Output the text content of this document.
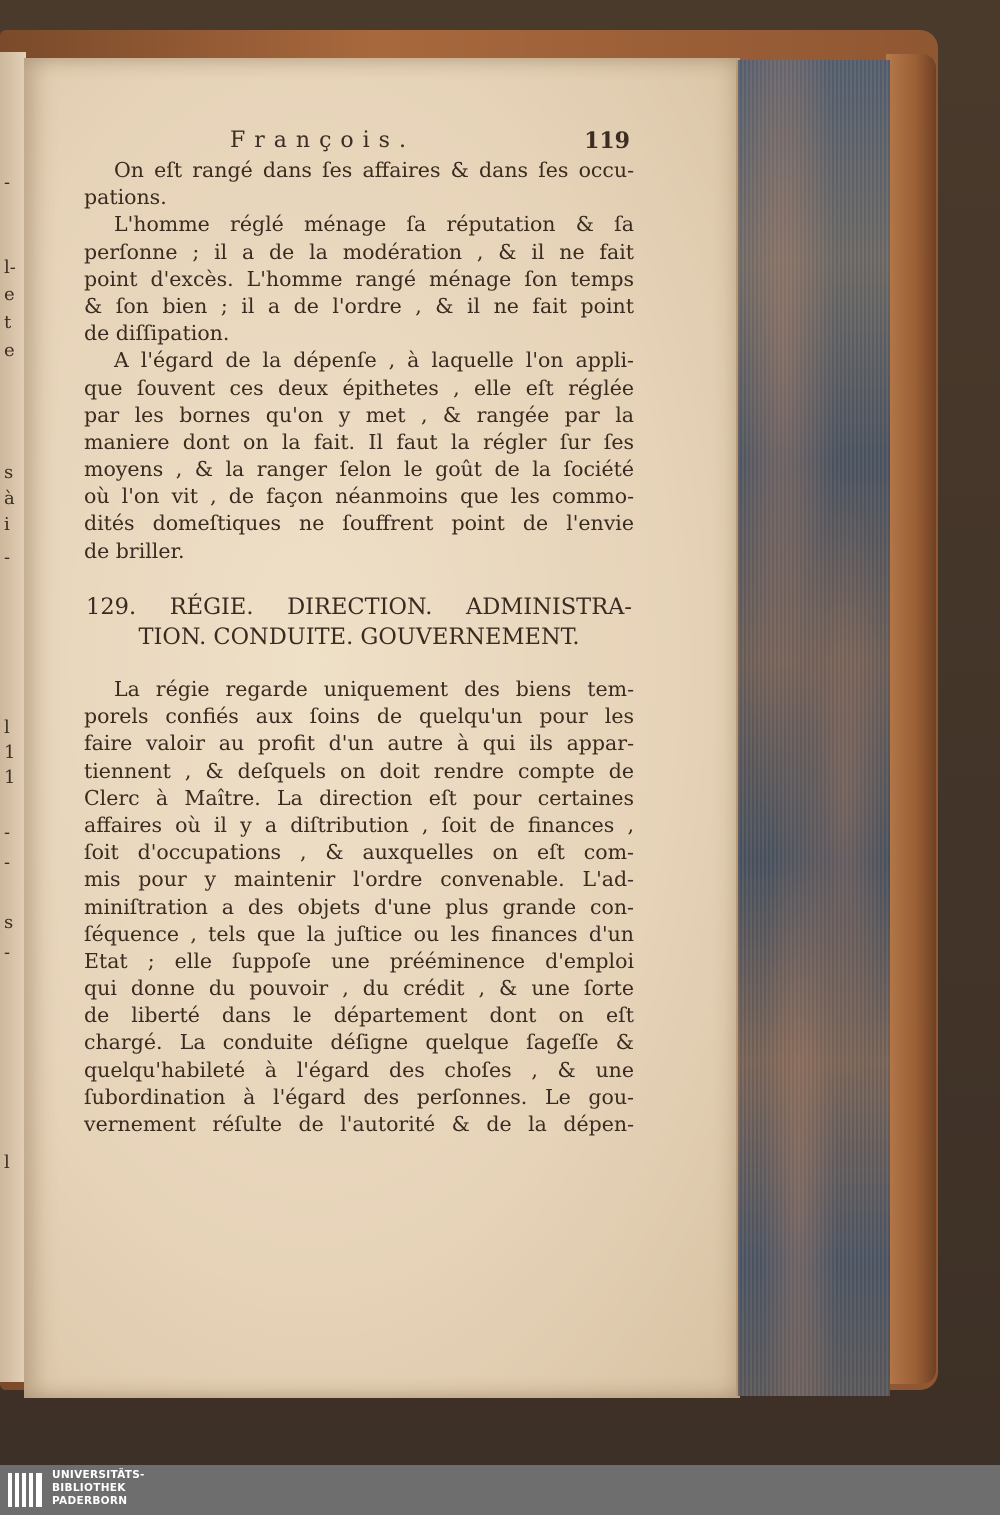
-
l-
e
t
e
s
à
i
-
l
1
1
-
-
s
-
l
François.	119
On eſt rangé dans ſes affaires & dans ſes occu-
pations.
L'homme réglé ménage ſa réputation & ſa
perſonne ; il a de la modération , & il ne fait
point d'excès. L'homme rangé ménage ſon temps
& ſon bien ; il a de l'ordre , & il ne fait point
de diſſipation.
A l'égard de la dépenſe , à laquelle l'on appli-
que ſouvent ces deux épithetes , elle eſt réglée
par les bornes qu'on y met , & rangée par la
maniere dont on la fait. Il faut la régler ſur ſes
moyens , & la ranger ſelon le goût de la ſociété
où l'on vit , de façon néanmoins que les commo-
dités domeſtiques ne ſouffrent point de l'envie
de briller.
129. RÉGIE. DIRECTION. ADMINISTRA-
TION. CONDUITE. GOUVERNEMENT.
La régie regarde uniquement des biens tem-
porels confiés aux ſoins de quelqu'un pour les
faire valoir au profit d'un autre à qui ils appar-
tiennent , & deſquels on doit rendre compte de
Clerc à Maître. La direction eſt pour certaines
affaires où il y a diſtribution , ſoit de finances ,
ſoit d'occupations , & auxquelles on eſt com-
mis pour y maintenir l'ordre convenable. L'ad-
miniſtration a des objets d'une plus grande con-
ſéquence , tels que la juſtice ou les finances d'un
Etat ; elle ſuppoſe une prééminence d'emploi
qui donne du pouvoir , du crédit , & une ſorte
de liberté dans le département dont on eſt
chargé. La conduite déſigne quelque ſageſſe &
quelqu'habileté à l'égard des choſes , & une
ſubordination à l'égard des perſonnes. Le gou-
vernement réſulte de l'autorité & de la dépen-
UNIVERSITÄTS-
BIBLIOTHEK
PADERBORN
